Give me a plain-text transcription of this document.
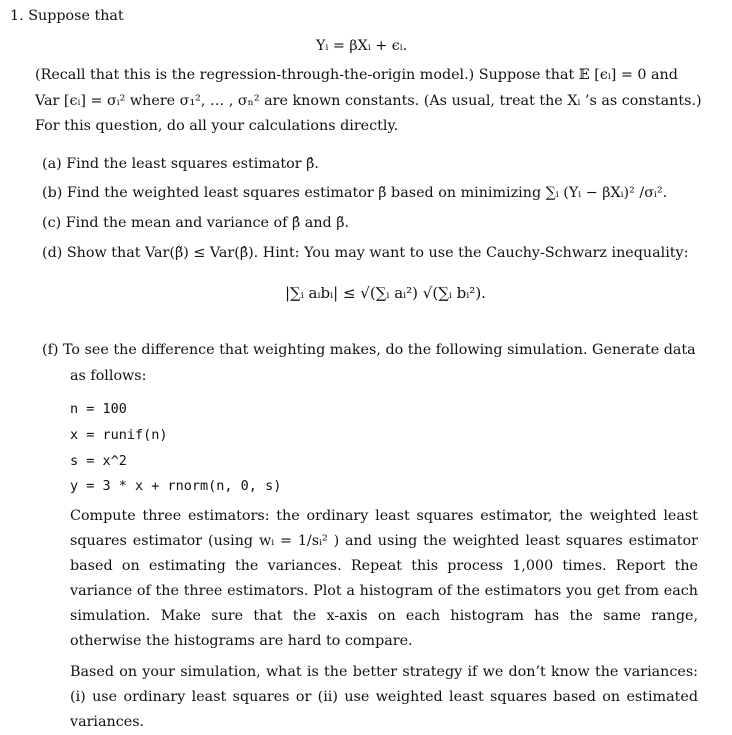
1. Suppose that
Yᵢ = βXᵢ + ϵᵢ.
(Recall that this is the regression-through-the-origin model.) Suppose that 𝔼 [ϵᵢ] = 0 and
Var [ϵᵢ] = σᵢ² where σ₁², … , σₙ² are known constants. (As usual, treat the Xᵢ ’s as constants.)
For this question, do all your calculations directly.
(a) Find the least squares estimator β̂.
(b) Find the weighted least squares estimator β̃ based on minimizing ∑ᵢ (Yᵢ − βXᵢ)² /σᵢ².
(c) Find the mean and variance of β̂ and β̃.
(d) Show that Var(β̃) ≤ Var(β̂). Hint: You may want to use the Cauchy-Schwarz inequality:
|∑ᵢ aᵢbᵢ| ≤ √(∑ᵢ aᵢ²) √(∑ᵢ bᵢ²).
(f) To see the difference that weighting makes, do the following simulation. Generate data
as follows:
n = 100
x = runif(n)
s = x^2
y = 3 * x + rnorm(n, 0, s)
Compute three estimators: the ordinary least squares estimator, the weighted least squares estimator (using wᵢ = 1/sᵢ² ) and using the weighted least squares estimator based on estimating the variances. Repeat this process 1,000 times. Report the variance of the three estimators. Plot a histogram of the estimators you get from each simulation. Make sure that the x-axis on each histogram has the same range, otherwise the histograms are hard to compare.
Based on your simulation, what is the better strategy if we don’t know the variances: (i) use ordinary least squares or (ii) use weighted least squares based on estimated variances.
